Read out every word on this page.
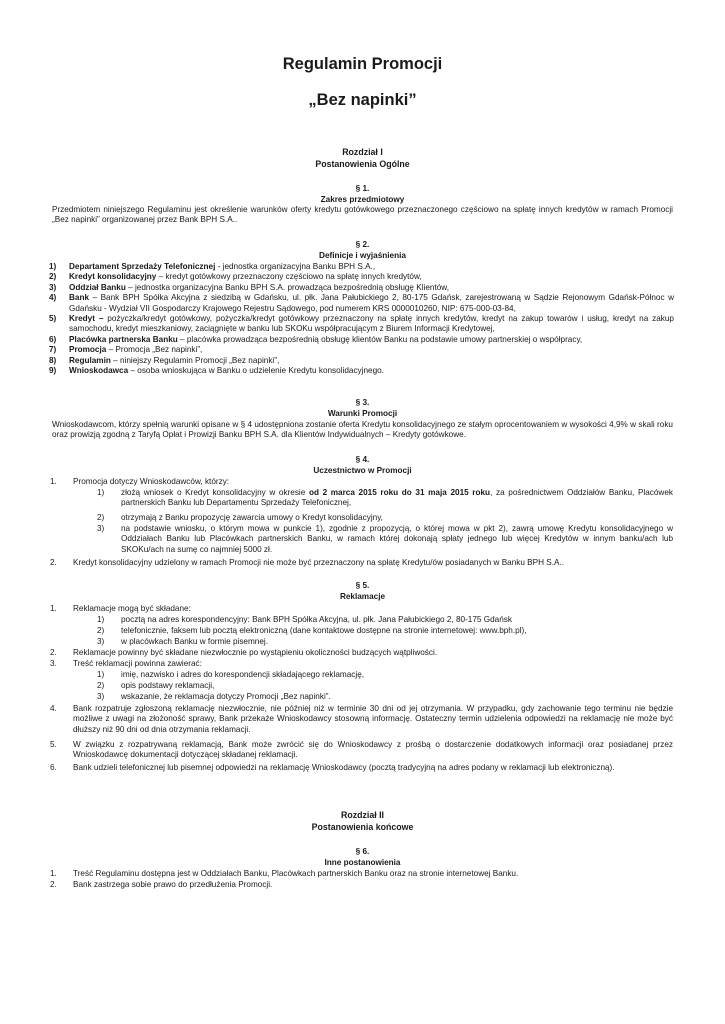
Regulamin Promocji
„Bez napinki”
Rozdział I
Postanowienia Ogólne
§ 1.
Zakres przedmiotowy
Przedmiotem niniejszego Regulaminu jest określenie warunków oferty kredytu gotówkowego przeznaczonego częściowo na spłatę innych kredytów w ramach Promocji „Bez napinki” organizowanej przez Bank BPH S.A..
§ 2.
Definicje i wyjaśnienia
1)	Departament Sprzedaży Telefonicznej - jednostka organizacyjna Banku BPH S.A.,
2)	Kredyt konsolidacyjny – kredyt gotówkowy przeznaczony częściowo na spłatę innych kredytów,
3)	Oddział Banku – jednostka organizacyjna Banku BPH S.A. prowadząca bezpośrednią obsługę Klientów,
4)	Bank – Bank BPH Spółka Akcyjna z siedzibą w Gdańsku, ul. płk. Jana Pałubickiego 2, 80-175 Gdańsk, zarejestrowaną w Sądzie Rejonowym Gdańsk-Północ w Gdańsku - Wydział VII Gospodarczy Krajowego Rejestru Sądowego, pod numerem KRS 0000010260, NIP: 675-000-03-84,
5)	Kredyt – pożyczka/kredyt gotówkowy, pożyczka/kredyt gotówkowy przeznaczony na spłatę innych kredytów, kredyt na zakup towarów i usług, kredyt na zakup samochodu, kredyt mieszkaniowy, zaciągnięte w banku lub SKOKu współpracującym z Biurem Informacji Kredytowej,
6)	Placówka partnerska Banku – placówka prowadząca bezpośrednią obsługę klientów Banku na podstawie umowy partnerskiej o współpracy,
7)	Promocja – Promocja „Bez napinki”,
8)	Regulamin – niniejszy Regulamin Promocji „Bez napinki”,
9)	Wnioskodawca – osoba wnioskująca w Banku o udzielenie Kredytu konsolidacyjnego.
§ 3.
Warunki Promocji
Wnioskodawcom, którzy spełnią warunki opisane w § 4 udostępniona zostanie oferta Kredytu konsolidacyjnego ze stałym oprocentowaniem w wysokości 4,9% w skali roku oraz prowizją zgodną z Taryfą Opłat i Prowizji Banku BPH S.A. dla Klientów Indywidualnych – Kredyty gotówkowe.
§ 4.
Uczestnictwo w Promocji
1.	Promocja dotyczy Wnioskodawców, którzy:
1)	złożą wniosek o Kredyt konsolidacyjny w okresie od 2 marca 2015 roku do 31 maja 2015 roku, za pośrednictwem Oddziałów Banku, Placówek partnerskich Banku lub Departamentu Sprzedaży Telefonicznej,
2)	otrzymają z Banku propozycję zawarcia umowy o Kredyt konsolidacyjny,
3)	na podstawie wniosku, o którym mowa w punkcie 1), zgodnie z propozycją, o której mowa w pkt 2), zawrą umowę Kredytu konsolidacyjnego w Oddziałach Banku lub Placówkach partnerskich Banku, w ramach której dokonają spłaty jednego lub więcej Kredytów w innym banku/ach lub SKOKu/ach na sumę co najmniej 5000 zł.
2.	Kredyt konsolidacyjny udzielony w ramach Promocji nie może być przeznaczony na spłatę Kredytu/ów posiadanych w Banku BPH S.A..
§ 5.
Reklamacje
1.	Reklamacje mogą być składane:
1)	pocztą na adres korespondencyjny: Bank BPH Spółka Akcyjna, ul. płk. Jana Pałubickiego 2, 80-175 Gdańsk
2)	telefonicznie, faksem lub pocztą elektroniczną (dane kontaktowe dostępne na stronie internetowej: www.bph.pl),
3)	w placówkach Banku w formie pisemnej.
2.	Reklamacje powinny być składane niezwłocznie po wystąpieniu okoliczności budzących wątpliwości.
3.	Treść reklamacji powinna zawierać:
1)	imię, nazwisko i adres do korespondencji składającego reklamację,
2)	opis podstawy reklamacji,
3)	wskazanie, że reklamacja dotyczy Promocji „Bez napinki”.
4.	Bank rozpatruje zgłoszoną reklamację niezwłocznie, nie później niż w terminie 30 dni od jej otrzymania. W przypadku, gdy zachowanie tego terminu nie będzie możliwe z uwagi na złożoność sprawy, Bank przekaże Wnioskodawcy stosowną informację. Ostateczny termin udzielenia odpowiedzi na reklamację nie może być dłuższy niż 90 dni od dnia otrzymania reklamacji.
5.	W związku z rozpatrywaną reklamacją, Bank może zwrócić się do Wnioskodawcy z prośbą o dostarczenie dodatkowych informacji oraz posiadanej przez Wnioskodawcę dokumentacji dotyczącej składanej reklamacji.
6.	Bank udzieli telefonicznej lub pisemnej odpowiedzi na reklamację Wnioskodawcy (pocztą tradycyjną na adres podany w reklamacji lub elektroniczną).
Rozdział II
Postanowienia końcowe
§ 6.
Inne postanowienia
1.	Treść Regulaminu dostępna jest w Oddziałach Banku, Placówkach partnerskich Banku oraz na stronie internetowej Banku.
2.	Bank zastrzega sobie prawo do przedłużenia Promocji.
